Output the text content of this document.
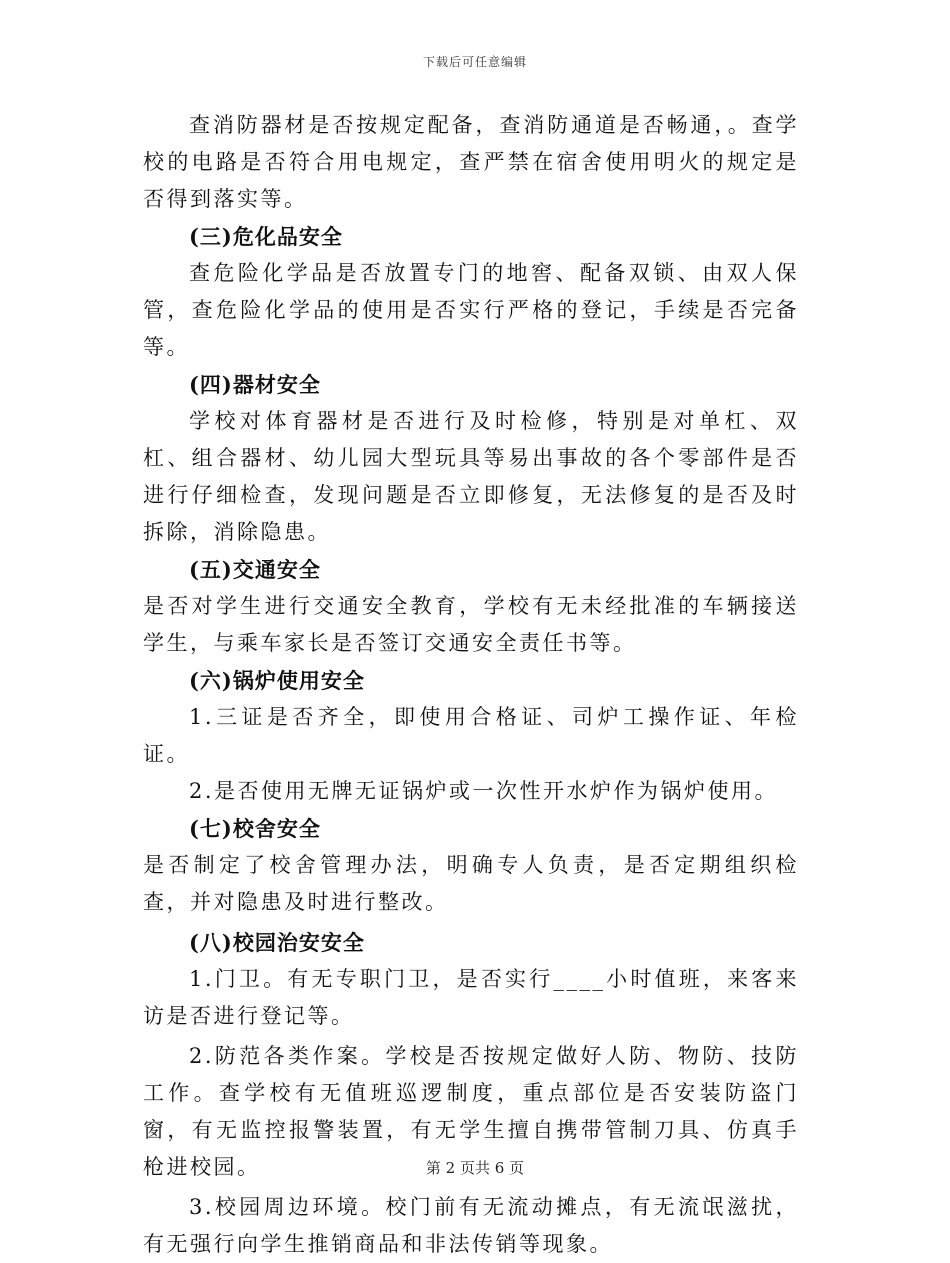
下载后可任意编辑

查消防器材是否按规定配备，查消防通道是否畅通，。查学校的电路是否符合用电规定，查严禁在宿舍使用明火的规定是否得到落实等。

(三)危化品安全

查危险化学品是否放置专门的地窖、配备双锁、由双人保管，查危险化学品的使用是否实行严格的登记，手续是否完备等。

(四)器材安全

学校对体育器材是否进行及时检修，特别是对单杠、双杠、组合器材、幼儿园大型玩具等易出事故的各个零部件是否进行仔细检查，发现问题是否立即修复，无法修复的是否及时拆除，消除隐患。

(五)交通安全

是否对学生进行交通安全教育，学校有无未经批准的车辆接送学生，与乘车家长是否签订交通安全责任书等。

(六)锅炉使用安全

1.三证是否齐全，即使用合格证、司炉工操作证、年检证。

2.是否使用无牌无证锅炉或一次性开水炉作为锅炉使用。

(七)校舍安全

是否制定了校舍管理办法，明确专人负责，是否定期组织检查，并对隐患及时进行整改。

(八)校园治安安全

1.门卫。有无专职门卫，是否实行____小时值班，来客来访是否进行登记等。

2.防范各类作案。学校是否按规定做好人防、物防、技防工作。查学校有无值班巡逻制度，重点部位是否安装防盗门窗，有无监控报警装置，有无学生擅自携带管制刀具、仿真手枪进校园。

3.校园周边环境。校门前有无流动摊点，有无流氓滋扰，有无强行向学生推销商品和非法传销等现象。

第 2 页共 6 页
